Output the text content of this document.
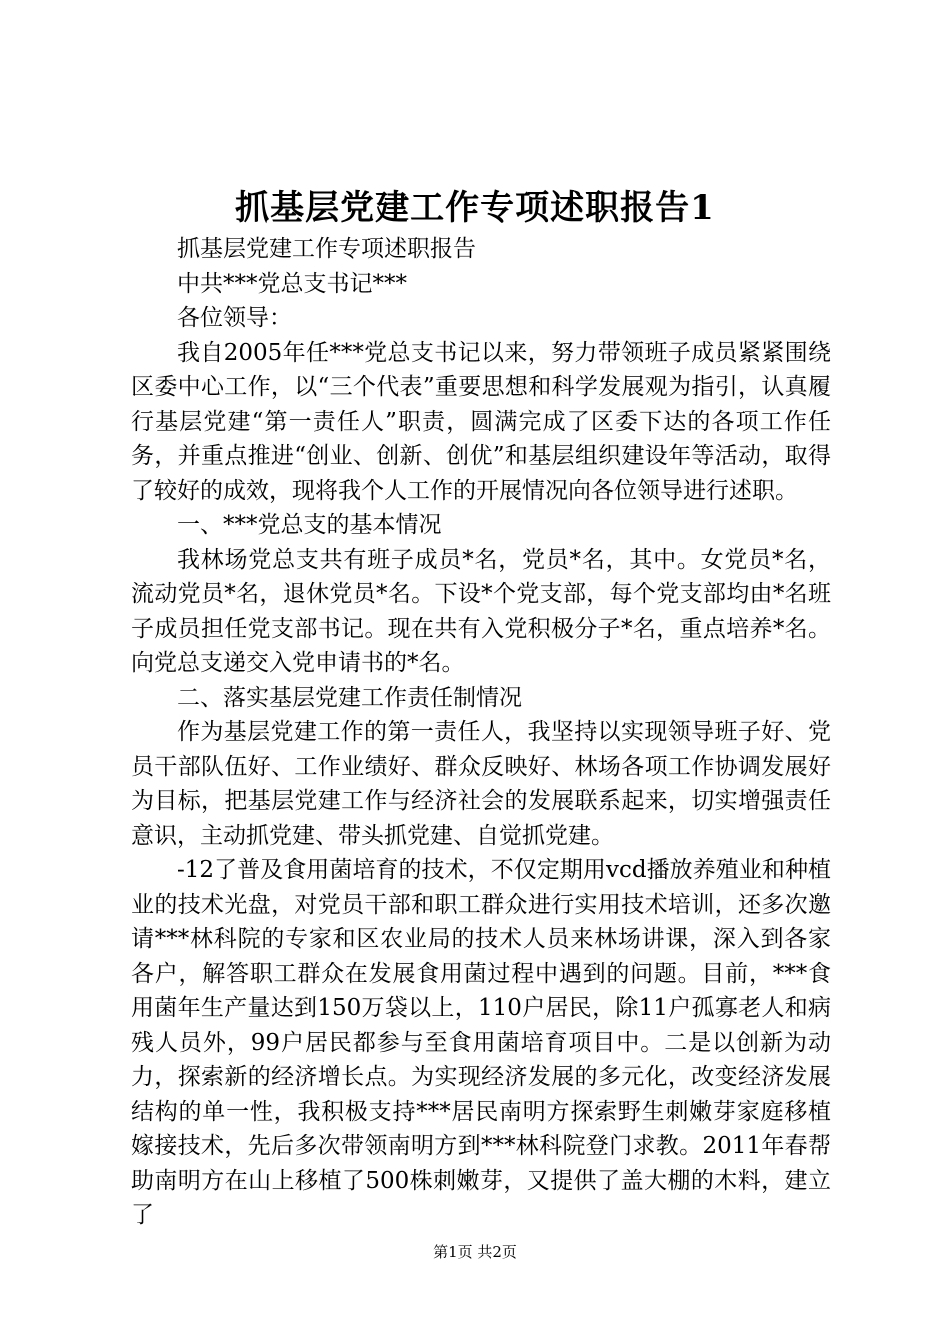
抓基层党建工作专项述职报告1

抓基层党建工作专项述职报告

中共***党总支书记***

各位领导：

我自2005年任***党总支书记以来，努力带领班子成员紧紧围绕区委中心工作，以“三个代表”重要思想和科学发展观为指引，认真履行基层党建“第一责任人”职责，圆满完成了区委下达的各项工作任务，并重点推进“创业、创新、创优”和基层组织建设年等活动，取得了较好的成效，现将我个人工作的开展情况向各位领导进行述职。

一、***党总支的基本情况

我林场党总支共有班子成员*名，党员*名，其中。女党员*名，流动党员*名，退休党员*名。下设*个党支部，每个党支部均由*名班子成员担任党支部书记。现在共有入党积极分子*名，重点培养*名。向党总支递交入党申请书的*名。

二、落实基层党建工作责任制情况

作为基层党建工作的第一责任人，我坚持以实现领导班子好、党员干部队伍好、工作业绩好、群众反映好、林场各项工作协调发展好为目标，把基层党建工作与经济社会的发展联系起来，切实增强责任意识，主动抓党建、带头抓党建、自觉抓党建。

-12了普及食用菌培育的技术，不仅定期用vcd播放养殖业和种植业的技术光盘，对党员干部和职工群众进行实用技术培训，还多次邀请***林科院的专家和区农业局的技术人员来林场讲课，深入到各家各户，解答职工群众在发展食用菌过程中遇到的问题。目前，***食用菌年生产量达到150万袋以上，110户居民，除11户孤寡老人和病残人员外，99户居民都参与至食用菌培育项目中。二是以创新为动力，探索新的经济增长点。为实现经济发展的多元化，改变经济发展结构的单一性，我积极支持***居民南明方探索野生刺嫩芽家庭移植嫁接技术，先后多次带领南明方到***林科院登门求教。2011年春帮助南明方在山上移植了500株刺嫩芽，又提供了盖大棚的木料，建立了

第1页 共2页
